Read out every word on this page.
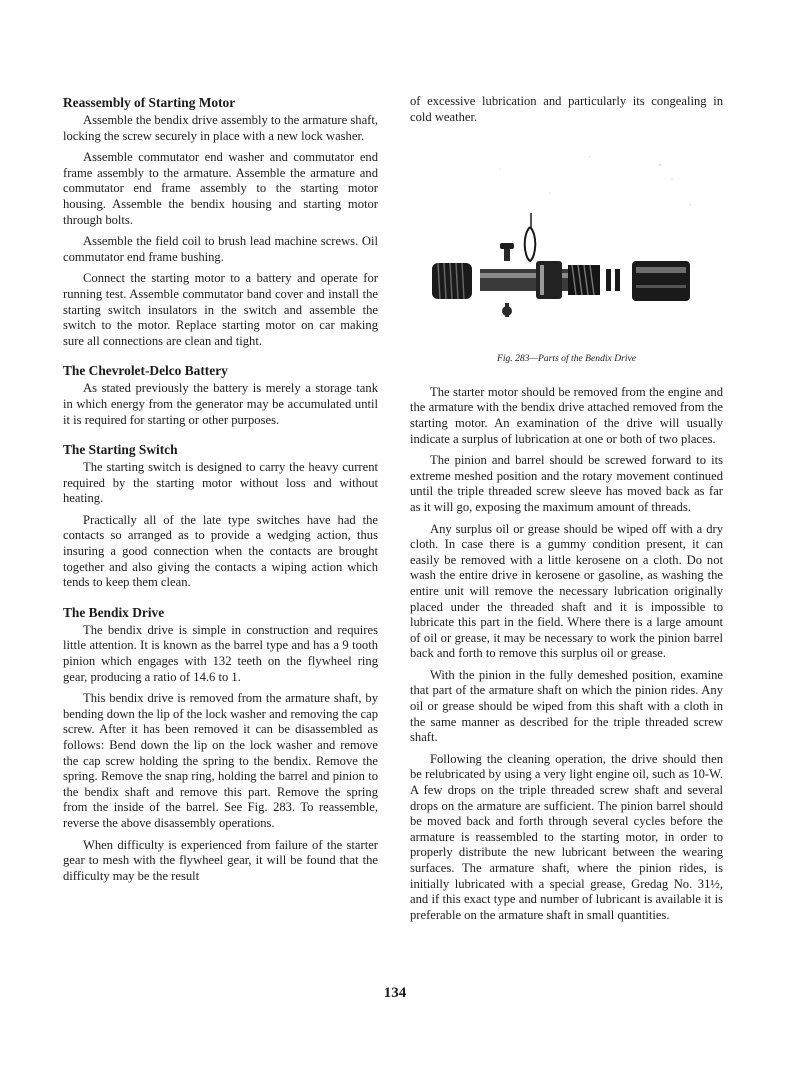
Reassembly of Starting Motor

Assemble the bendix drive assembly to the armature shaft, locking the screw securely in place with a new lock washer.

Assemble commutator end washer and commutator end frame assembly to the armature. Assemble the armature and commutator end frame assembly to the starting motor housing. Assemble the bendix housing and starting motor through bolts.

Assemble the field coil to brush lead machine screws. Oil commutator end frame bushing.

Connect the starting motor to a battery and operate for running test. Assemble commutator band cover and install the starting switch insulators in the switch and assemble the switch to the motor. Replace starting motor on car making sure all connections are clean and tight.

The Chevrolet-Delco Battery

As stated previously the battery is merely a storage tank in which energy from the generator may be accumulated until it is required for starting or other purposes.

The Starting Switch

The starting switch is designed to carry the heavy current required by the starting motor without loss and without heating.

Practically all of the late type switches have had the contacts so arranged as to provide a wedging action, thus insuring a good connection when the contacts are brought together and also giving the contacts a wiping action which tends to keep them clean.

The Bendix Drive

The bendix drive is simple in construction and requires little attention. It is known as the barrel type and has a 9 tooth pinion which engages with 132 teeth on the flywheel ring gear, producing a ratio of 14.6 to 1.

This bendix drive is removed from the armature shaft, by bending down the lip of the lock washer and removing the cap screw. After it has been removed it can be disassembled as follows: Bend down the lip on the lock washer and remove the cap screw holding the spring to the bendix. Remove the spring. Remove the snap ring, holding the barrel and pinion to the bendix shaft and remove this part. Remove the spring from the inside of the barrel. See Fig. 283. To reassemble, reverse the above disassembly operations.

When difficulty is experienced from failure of the starter gear to mesh with the flywheel gear, it will be found that the difficulty may be the result

of excessive lubrication and particularly its congealing in cold weather.

Fig. 283—Parts of the Bendix Drive

The starter motor should be removed from the engine and the armature with the bendix drive attached removed from the starting motor. An examination of the drive will usually indicate a surplus of lubrication at one or both of two places.

The pinion and barrel should be screwed forward to its extreme meshed position and the rotary movement continued until the triple threaded screw sleeve has moved back as far as it will go, exposing the maximum amount of threads.

Any surplus oil or grease should be wiped off with a dry cloth. In case there is a gummy condition present, it can easily be removed with a little kerosene on a cloth. Do not wash the entire drive in kerosene or gasoline, as washing the entire unit will remove the necessary lubrication originally placed under the threaded shaft and it is impossible to lubricate this part in the field. Where there is a large amount of oil or grease, it may be necessary to work the pinion barrel back and forth to remove this surplus oil or grease.

With the pinion in the fully demeshed position, examine that part of the armature shaft on which the pinion rides. Any oil or grease should be wiped from this shaft with a cloth in the same manner as described for the triple threaded screw shaft.

Following the cleaning operation, the drive should then be relubricated by using a very light engine oil, such as 10-W. A few drops on the triple threaded screw shaft and several drops on the armature are sufficient. The pinion barrel should be moved back and forth through several cycles before the armature is reassembled to the starting motor, in order to properly distribute the new lubricant between the wearing surfaces. The armature shaft, where the pinion rides, is initially lubricated with a special grease, Gredag No. 31½, and if this exact type and number of lubricant is available it is preferable on the armature shaft in small quantities.

134
